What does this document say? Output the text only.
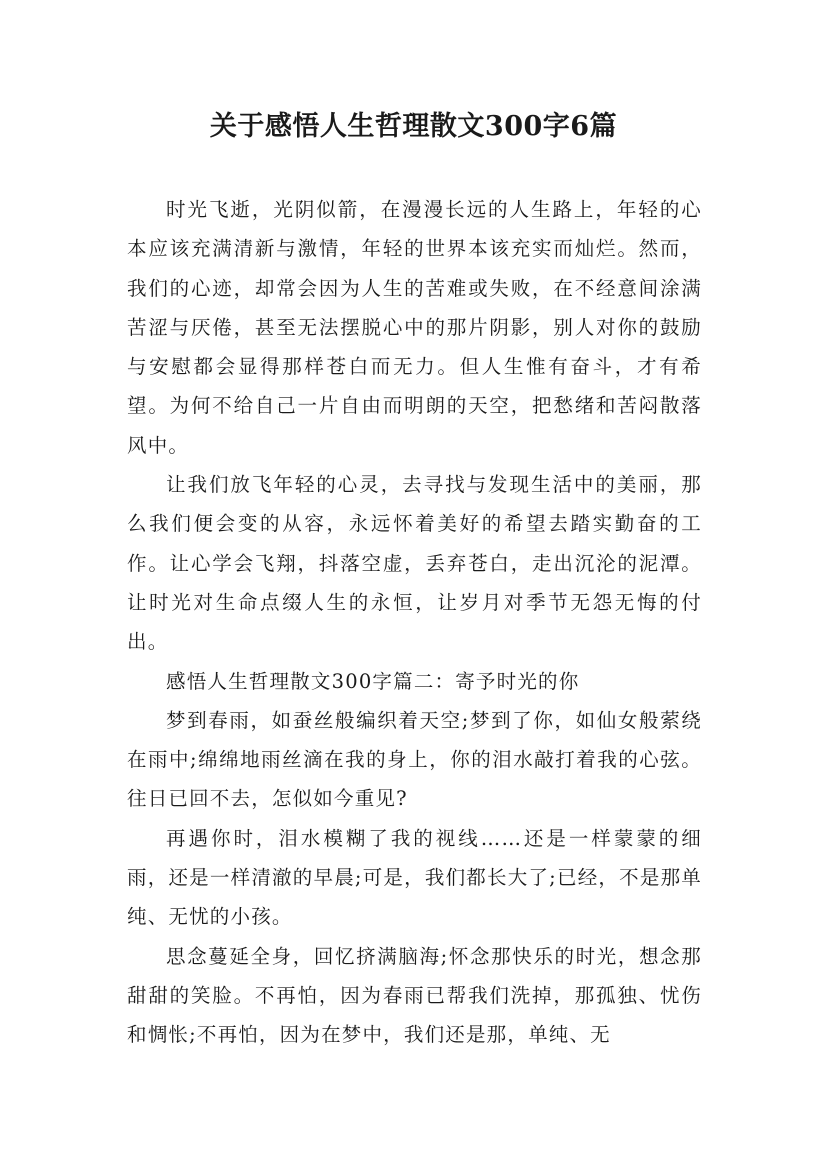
关于感悟人生哲理散文300字6篇

时光飞逝，光阴似箭，在漫漫长远的人生路上，年轻的心本应该充满清新与激情，年轻的世界本该充实而灿烂。然而，我们的心迹，却常会因为人生的苦难或失败，在不经意间涂满苦涩与厌倦，甚至无法摆脱心中的那片阴影，别人对你的鼓励与安慰都会显得那样苍白而无力。但人生惟有奋斗，才有希望。为何不给自己一片自由而明朗的天空，把愁绪和苦闷散落风中。

让我们放飞年轻的心灵，去寻找与发现生活中的美丽，那么我们便会变的从容，永远怀着美好的希望去踏实勤奋的工作。让心学会飞翔，抖落空虚，丢弃苍白，走出沉沦的泥潭。让时光对生命点缀人生的永恒，让岁月对季节无怨无悔的付出。

感悟人生哲理散文300字篇二：寄予时光的你

梦到春雨，如蚕丝般编织着天空;梦到了你，如仙女般萦绕在雨中;绵绵地雨丝滴在我的身上，你的泪水敲打着我的心弦。往日已回不去，怎似如今重见?

再遇你时，泪水模糊了我的视线……还是一样蒙蒙的细雨，还是一样清澈的早晨;可是，我们都长大了;已经，不是那单纯、无忧的小孩。

思念蔓延全身，回忆挤满脑海;怀念那快乐的时光，想念那甜甜的笑脸。不再怕，因为春雨已帮我们洗掉，那孤独、忧伤和惆怅;不再怕，因为在梦中，我们还是那，单纯、无
